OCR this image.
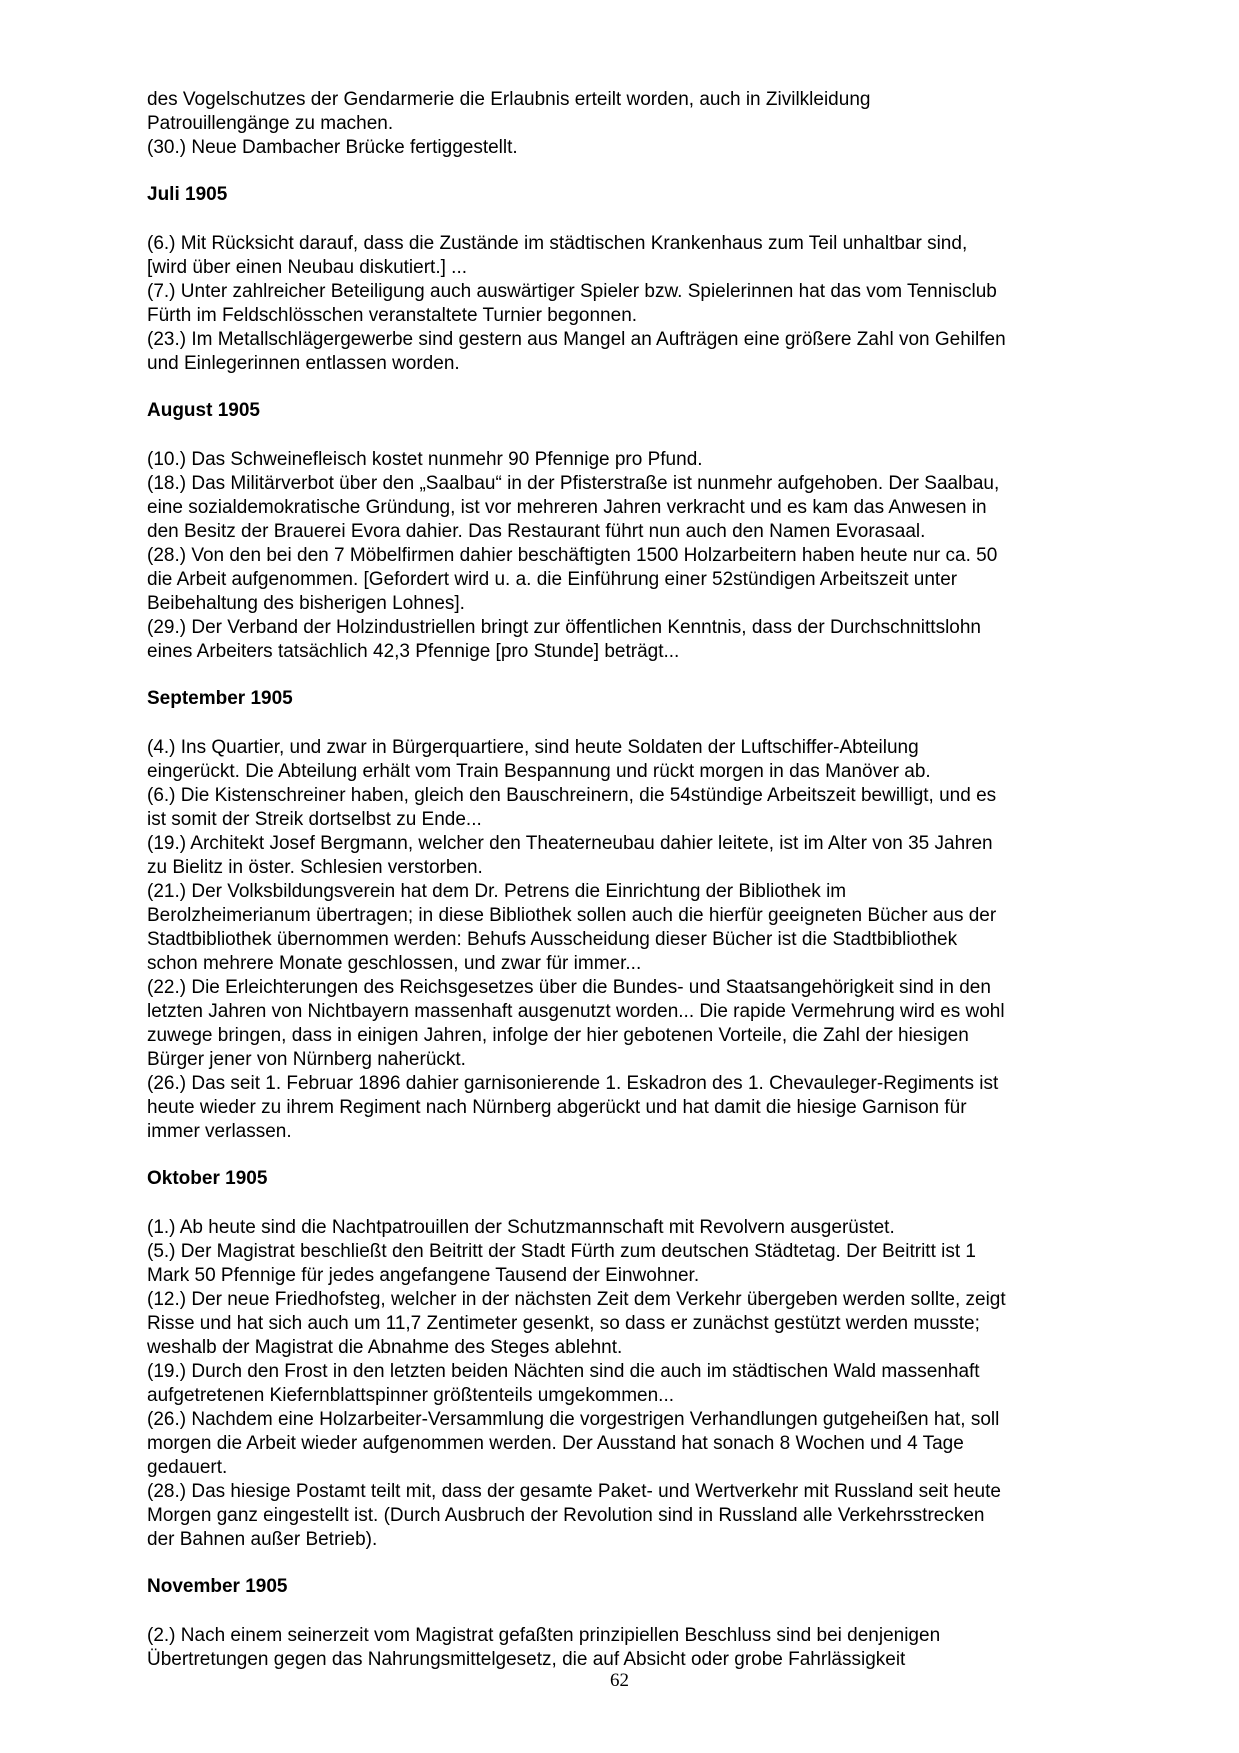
des Vogelschutzes der Gendarmerie die Erlaubnis erteilt worden, auch in Zivilkleidung

Patrouillengänge zu machen.

(30.) Neue Dambacher Brücke fertiggestellt.

Juli 1905

(6.) Mit Rücksicht darauf, dass die Zustände im städtischen Krankenhaus zum Teil unhaltbar sind,

[wird über einen Neubau diskutiert.] ...

(7.) Unter zahlreicher Beteiligung auch auswärtiger Spieler bzw. Spielerinnen hat das vom Tennisclub

Fürth im Feldschlösschen veranstaltete Turnier begonnen.

(23.) Im Metallschlägergewerbe sind gestern aus Mangel an Aufträgen eine größere Zahl von Gehilfen

und Einlegerinnen entlassen worden.

August 1905

(10.) Das Schweinefleisch kostet nunmehr 90 Pfennige pro Pfund.

(18.) Das Militärverbot über den „Saalbau“ in der Pfisterstraße ist nunmehr aufgehoben. Der Saalbau,

eine sozialdemokratische Gründung, ist vor mehreren Jahren verkracht und es kam das Anwesen in

den Besitz der Brauerei Evora dahier. Das Restaurant führt nun auch den Namen Evorasaal.

(28.) Von den bei den 7 Möbelfirmen dahier beschäftigten 1500 Holzarbeitern haben heute nur ca. 50

die Arbeit aufgenommen. [Gefordert wird u. a. die Einführung einer 52stündigen Arbeitszeit unter

Beibehaltung des bisherigen Lohnes].

(29.) Der Verband der Holzindustriellen bringt zur öffentlichen Kenntnis, dass der Durchschnittslohn

eines Arbeiters tatsächlich 42,3 Pfennige [pro Stunde] beträgt...

September 1905

(4.) Ins Quartier, und zwar in Bürgerquartiere, sind heute Soldaten der Luftschiffer-Abteilung

eingerückt. Die Abteilung erhält vom Train Bespannung und rückt morgen in das Manöver ab.

(6.) Die Kistenschreiner haben, gleich den Bauschreinern, die 54stündige Arbeitszeit bewilligt, und es

ist somit der Streik dortselbst zu Ende...

(19.) Architekt Josef Bergmann, welcher den Theaterneubau dahier leitete, ist im Alter von 35 Jahren

zu Bielitz in öster. Schlesien verstorben.

(21.) Der Volksbildungsverein hat dem Dr. Petrens die Einrichtung der Bibliothek im

Berolzheimerianum übertragen; in diese Bibliothek sollen auch die hierfür geeigneten Bücher aus der

Stadtbibliothek übernommen werden: Behufs Ausscheidung dieser Bücher ist die Stadtbibliothek

schon mehrere Monate geschlossen, und zwar für immer...

(22.) Die Erleichterungen des Reichsgesetzes über die Bundes- und Staatsangehörigkeit sind in den

letzten Jahren von Nichtbayern massenhaft ausgenutzt worden... Die rapide Vermehrung wird es wohl

zuwege bringen, dass in einigen Jahren, infolge der hier gebotenen Vorteile, die Zahl der hiesigen

Bürger jener von Nürnberg naherückt.

(26.) Das seit 1. Februar 1896 dahier garnisonierende 1. Eskadron des 1. Chevauleger-Regiments ist

heute wieder zu ihrem Regiment nach Nürnberg abgerückt und hat damit die hiesige Garnison für

immer verlassen.

Oktober 1905

(1.) Ab heute sind die Nachtpatrouillen der Schutzmannschaft mit Revolvern ausgerüstet.

(5.) Der Magistrat beschließt den Beitritt der Stadt Fürth zum deutschen Städtetag. Der Beitritt ist 1

Mark 50 Pfennige für jedes angefangene Tausend der Einwohner.

(12.) Der neue Friedhofsteg, welcher in der nächsten Zeit dem Verkehr übergeben werden sollte, zeigt

Risse und hat sich auch um 11,7 Zentimeter gesenkt, so dass er zunächst gestützt werden musste;

weshalb der Magistrat die Abnahme des Steges ablehnt.

(19.) Durch den Frost in den letzten beiden Nächten sind die auch im städtischen Wald massenhaft

aufgetretenen Kiefernblattspinner größtenteils umgekommen...

(26.) Nachdem eine Holzarbeiter-Versammlung die vorgestrigen Verhandlungen gutgeheißen hat, soll

morgen die Arbeit wieder aufgenommen werden. Der Ausstand hat sonach 8 Wochen und 4 Tage

gedauert.

(28.) Das hiesige Postamt teilt mit, dass der gesamte Paket- und Wertverkehr mit Russland seit heute

Morgen ganz eingestellt ist. (Durch Ausbruch der Revolution sind in Russland alle Verkehrsstrecken

der Bahnen außer Betrieb).

November 1905

(2.) Nach einem seinerzeit vom Magistrat gefaßten prinzipiellen Beschluss sind bei denjenigen

Übertretungen gegen das Nahrungsmittelgesetz, die auf Absicht oder grobe Fahrlässigkeit

62
